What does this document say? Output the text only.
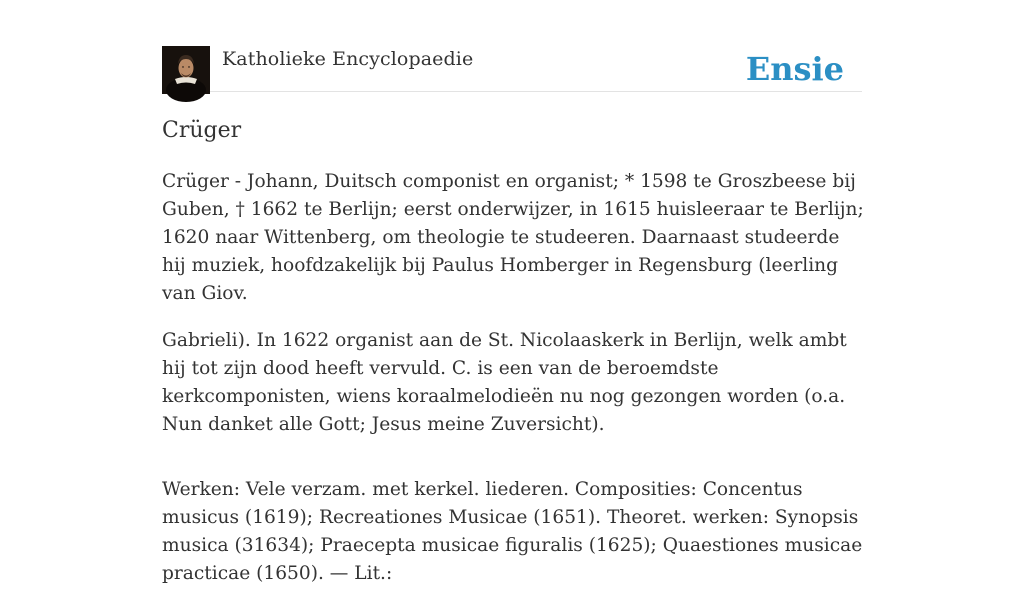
Katholieke Encyclopaedie	Ensie
Crüger

Crüger - Johann, Duitsch componist en organist; * 1598 te Groszbeese bij Guben, † 1662 te Berlijn; eerst onderwijzer, in 1615 huisleeraar te Berlijn; 1620 naar Wittenberg, om theologie te studeeren. Daarnaast studeerde hij muziek, hoofdzakelijk bij Paulus Homberger in Regensburg (leerling van Giov.

Gabrieli). In 1622 organist aan de St. Nicolaaskerk in Berlijn, welk ambt hij tot zijn dood heeft vervuld. C. is een van de beroemdste kerkcomponisten, wiens koraalmelodieën nu nog gezongen worden (o.a. Nun danket alle Gott; Jesus meine Zuversicht).

Werken: Vele verzam. met kerkel. liederen. Composities: Concentus musicus (1619); Recreationes Musicae (1651). Theoret. werken: Synopsis musica (31634); Praecepta musicae figuralis (1625); Quaestiones musicae practicae (1650). — Lit.:
